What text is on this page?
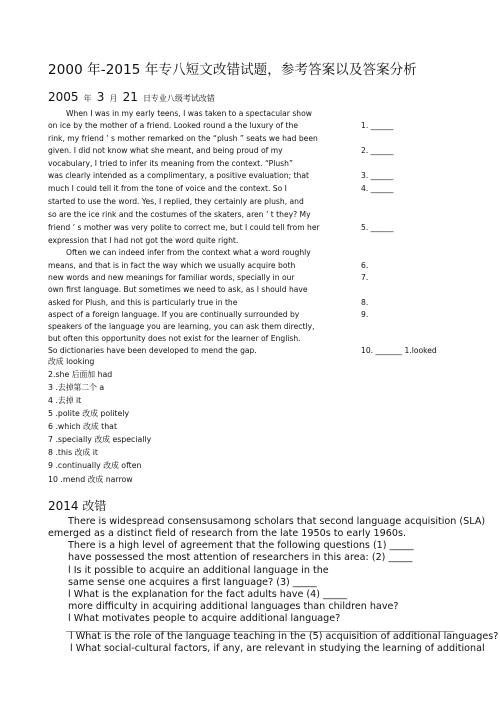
2000 年-2015 年专八短文改错试题，参考答案以及答案分析
2005 年 3 月 21 日专业八级考试改错
When I was in my early teens, I was taken to a spectacular show
on ice by the mother of a friend. Looked round a the luxury of the
rink, my friend ’ s mother remarked on the “plush ” seats we had been
given. I did not know what she meant, and being proud of my
vocabulary, I tried to infer its meaning from the context. “Plush”
was clearly intended as a complimentary, a positive evaluation; that
much I could tell it from the tone of voice and the context. So I
started to use the word. Yes, I replied, they certainly are plush, and
so are the ice rink and the costumes of the skaters, aren ’ t they? My
friend ’ s mother was very polite to correct me, but I could tell from her
expression that I had not got the word quite right.
Often we can indeed infer from the context what a word roughly
means, and that is in fact the way which we usually acquire both
new words and new meanings for familiar words, specially in our
own first language. But sometimes we need to ask, as I should have
asked for Plush, and this is particularly true in the
aspect of a foreign language. If you are continually surrounded by
speakers of the language you are learning, you can ask them directly,
but often this opportunity does not exist for the learner of English.
So dictionaries have been developed to mend the gap.
1. ______
2. ______
3. ______
4. ______
5. ______
6.
7.
8.
9.
10. _______ 1.looked
改成 looking
2.she 后面加 had
3 .去掉第二个 a
4 .去掉 it
5 .polite 改成 politely
6 .which 改成 that
7 .specially 改成 especially
8 .this 改成 it
9 .continually 改成 often
10 .mend 改成 narrow
2014 改错
There is widespread consensusamong scholars that second language acquisition (SLA)
emerged as a distinct field of research from the late 1950s to early 1960s.
There is a high level of agreement that the following questions (1) _____
have possessed the most attention of researchers in this area: (2) _____
l Is it possible to acquire an additional language in the
same sense one acquires a first language? (3) _____
l What is the explanation for the fact adults have (4) _____
more difficulty in acquiring additional languages than children have?
l What motivates people to acquire additional language?
l What is the role of the language teaching in the (5) acquisition of additional languages?
l What social-cultural factors, if any, are relevant in studying the learning of additional
